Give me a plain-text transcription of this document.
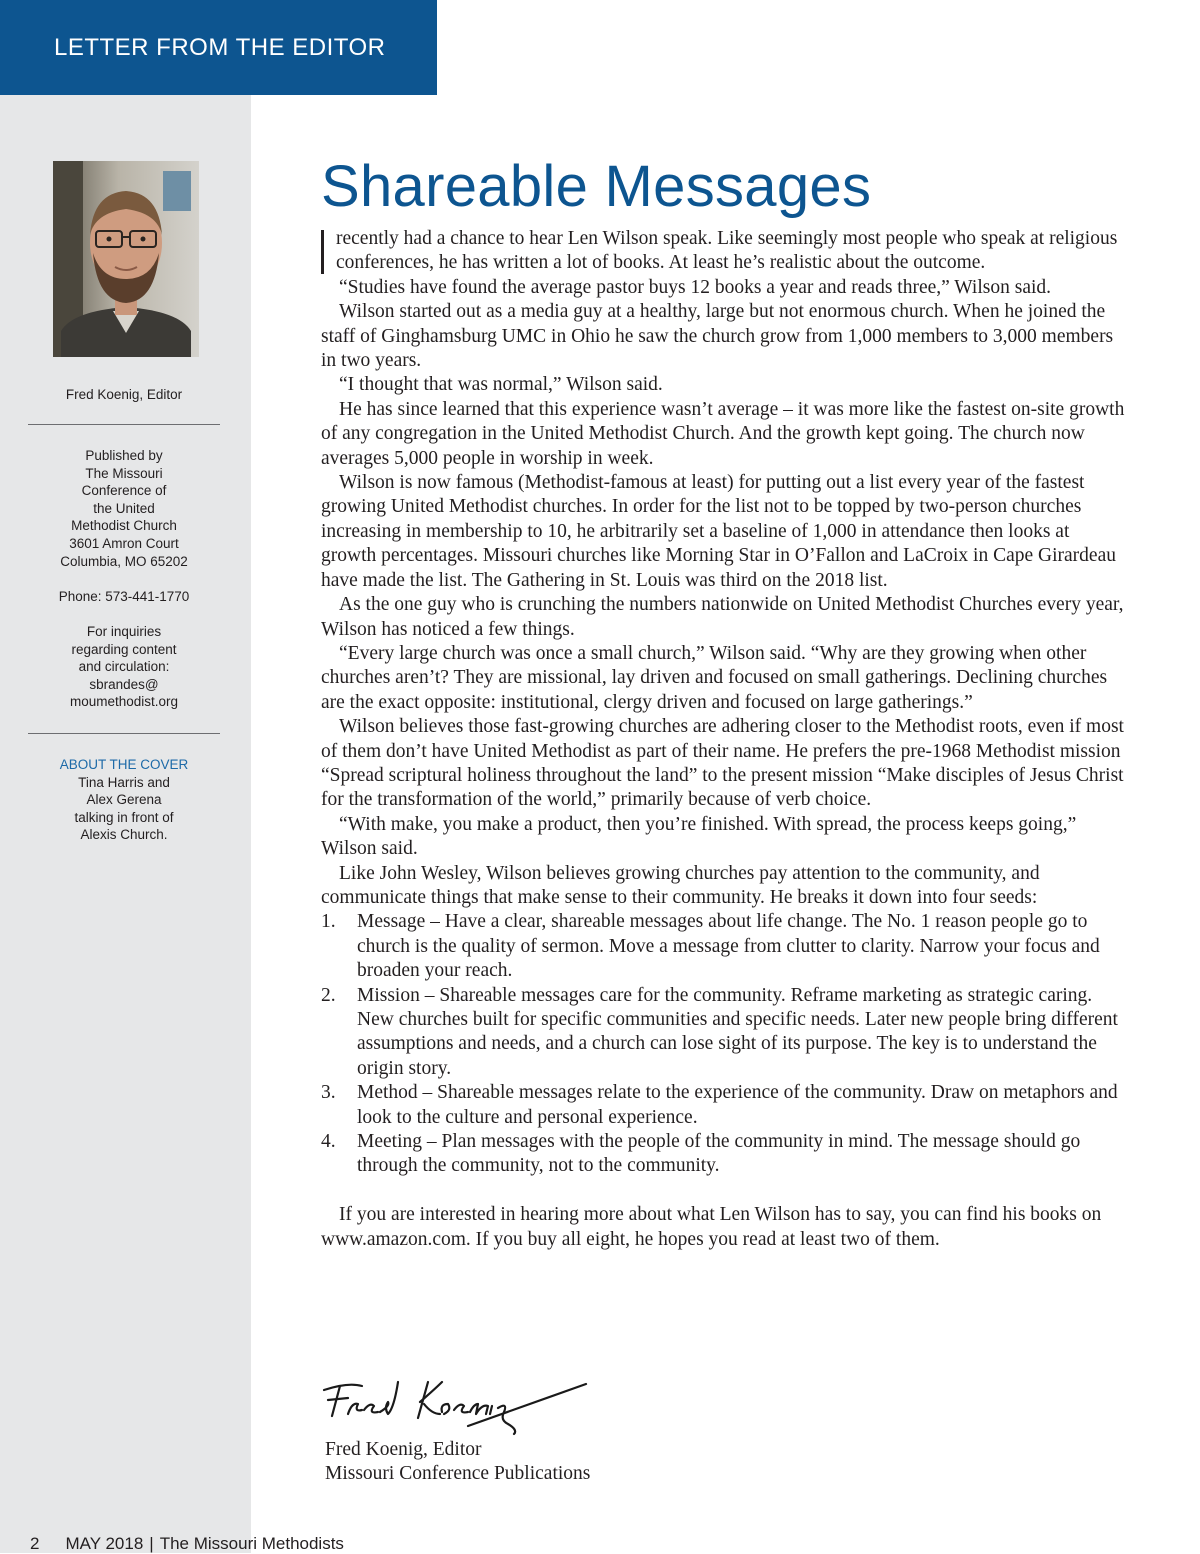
LETTER FROM THE EDITOR

Fred Koenig, Editor

Published by

The Missouri

Conference of

the United

Methodist Church

3601 Amron Court

Columbia, MO 65202

Phone: 573-441-1770

For inquiries

regarding content

and circulation:

sbrandes@

moumethodist.org

ABOUT THE COVER

Tina Harris and

Alex Gerena

talking in front of

Alexis Church.

Shareable Messages

recently had a chance to hear Len Wilson speak. Like seemingly most people who speak at religious conferences, he has written a lot of books. At least he’s realistic about the outcome.

“Studies have found the average pastor buys 12 books a year and reads three,” Wilson said.

Wilson started out as a media guy at a healthy, large but not enormous church. When he joined the staff of Ginghamsburg UMC in Ohio he saw the church grow from 1,000 members to 3,000 members in two years.

“I thought that was normal,” Wilson said.

He has since learned that this experience wasn’t average – it was more like the fastest on-site growth of any congregation in the United Methodist Church. And the growth kept going. The church now averages 5,000 people in worship in week.

Wilson is now famous (Methodist-famous at least) for putting out a list every year of the fastest growing United Methodist churches. In order for the list not to be topped by two-person churches increasing in membership to 10, he arbitrarily set a baseline of 1,000 in attendance then looks at growth percentages. Missouri churches like Morning Star in O’Fallon and LaCroix in Cape Girardeau have made the list. The Gathering in St. Louis was third on the 2018 list.

As the one guy who is crunching the numbers nationwide on United Methodist Churches every year, Wilson has noticed a few things.

“Every large church was once a small church,” Wilson said. “Why are they growing when other churches aren’t? They are missional, lay driven and focused on small gatherings. Declining churches are the exact opposite: institutional, clergy driven and focused on large gatherings.”

Wilson believes those fast-growing churches are adhering closer to the Methodist roots, even if most of them don’t have United Methodist as part of their name. He prefers the pre-1968 Methodist mission “Spread scriptural holiness throughout the land” to the present mission “Make disciples of Jesus Christ for the transformation of the world,” primarily because of verb choice.

“With make, you make a product, then you’re finished. With spread, the process keeps going,” Wilson said.

Like John Wesley, Wilson believes growing churches pay attention to the community, and communicate things that make sense to their community. He breaks it down into four seeds:

1. Message – Have a clear, shareable messages about life change. The No. 1 reason people go to church is the quality of sermon. Move a message from clutter to clarity. Narrow your focus and broaden your reach.
2. Mission – Shareable messages care for the community. Reframe marketing as strategic caring. New churches built for specific communities and specific needs. Later new people bring different assumptions and needs, and a church can lose sight of its purpose. The key is to understand the origin story.
3. Method – Shareable messages relate to the experience of the community. Draw on metaphors and look to the culture and personal experience.
4. Meeting – Plan messages with the people of the community in mind. The message should go through the community, not to the community.

If you are interested in hearing more about what Len Wilson has to say, you can find his books on www.amazon.com. If you buy all eight, he hopes you read at least two of them.

Fred Koenig, Editor

Missouri Conference Publications

2 MAY 2018 | The Missouri Methodists
